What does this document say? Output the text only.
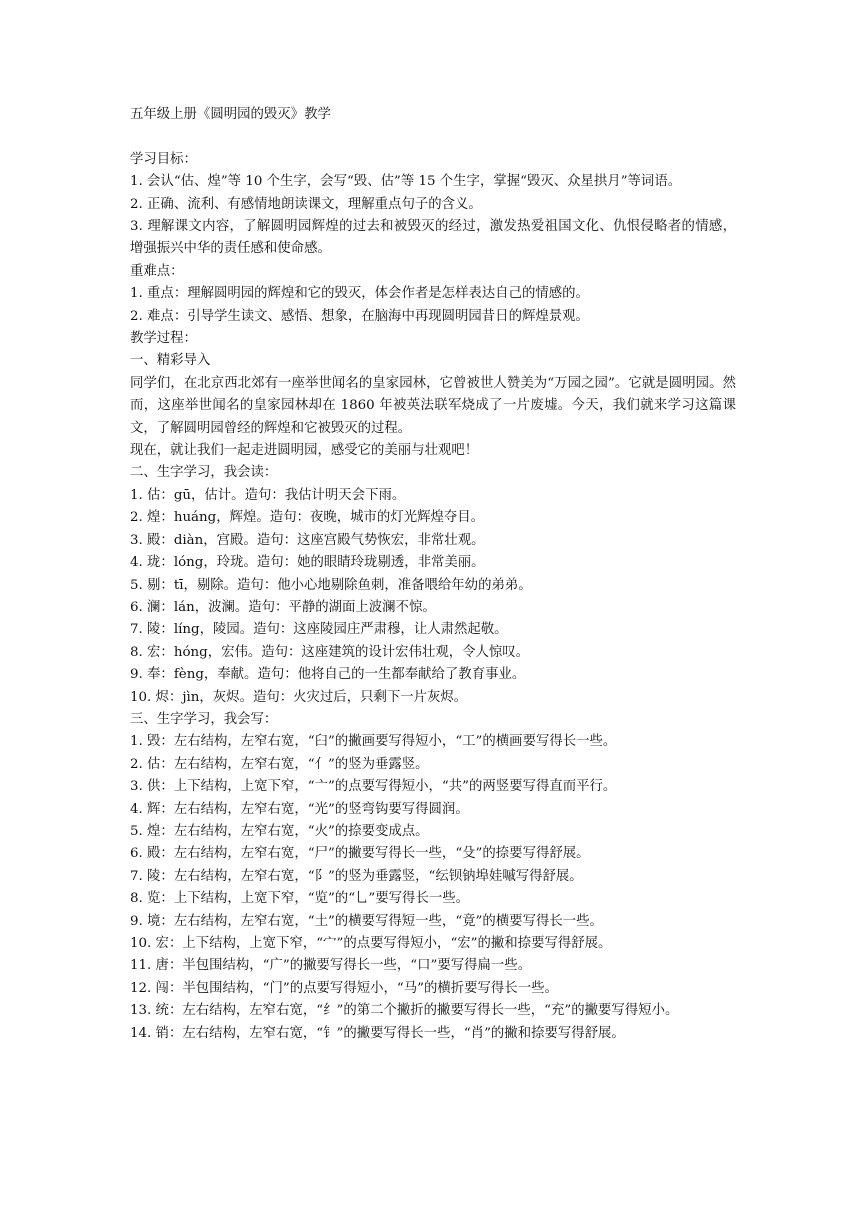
五年级上册《圆明园的毁灭》教学

学习目标：

1. 会认“估、煌”等 10 个生字，会写“毁、估”等 15 个生字，掌握“毁灭、众星拱月”等词语。

2. 正确、流利、有感情地朗读课文，理解重点句子的含义。

3. 理解课文内容，了解圆明园辉煌的过去和被毁灭的经过，激发热爱祖国文化、仇恨侵略者的情感，增强振兴中华的责任感和使命感。

重难点：

1. 重点：理解圆明园的辉煌和它的毁灭，体会作者是怎样表达自己的情感的。

2. 难点：引导学生读文、感悟、想象，在脑海中再现圆明园昔日的辉煌景观。

教学过程：

一、精彩导入

同学们，在北京西北郊有一座举世闻名的皇家园林，它曾被世人赞美为“万园之园”。它就是圆明园。然而，这座举世闻名的皇家园林却在 1860 年被英法联军烧成了一片废墟。今天，我们就来学习这篇课文，了解圆明园曾经的辉煌和它被毁灭的过程。

现在，就让我们一起走进圆明园，感受它的美丽与壮观吧！

二、生字学习，我会读：

1. 估：gū，估计。造句：我估计明天会下雨。

2. 煌：huáng，辉煌。造句：夜晚，城市的灯光辉煌夺目。

3. 殿：diàn，宫殿。造句：这座宫殿气势恢宏，非常壮观。

4. 珑：lóng，玲珑。造句：她的眼睛玲珑剔透，非常美丽。

5. 剔：tī，剔除。造句：他小心地剔除鱼刺，准备喂给年幼的弟弟。

6. 澜：lán，波澜。造句：平静的湖面上波澜不惊。

7. 陵：líng，陵园。造句：这座陵园庄严肃穆，让人肃然起敬。

8. 宏：hóng，宏伟。造句：这座建筑的设计宏伟壮观，令人惊叹。

9. 奉：fèng，奉献。造句：他将自己的一生都奉献给了教育事业。

10. 烬：jìn，灰烬。造句：火灾过后，只剩下一片灰烬。

三、生字学习，我会写：

1. 毁：左右结构，左窄右宽，“臼”的撇画要写得短小，“工”的横画要写得长一些。

2. 估：左右结构，左窄右宽，“亻”的竖为垂露竖。

3. 供：上下结构，上宽下窄，“亠”的点要写得短小，“共”的两竖要写得直而平行。

4. 辉：左右结构，左窄右宽，“光”的竖弯钩要写得圆润。

5. 煌：左右结构，左窄右宽，“火”的捺要变成点。

6. 殿：左右结构，左窄右宽，“尸”的撇要写得长一些，“殳”的捺要写得舒展。

7. 陵：左右结构，左窄右宽，“阝”的竖为垂露竖，“纭钡钠埠娃嘁写得舒展。

8. 览：上下结构，上宽下窄，“览”的“乚”要写得长一些。

9. 境：左右结构，左窄右宽，“土”的横要写得短一些，“竟”的横要写得长一些。

10. 宏：上下结构，上宽下窄，“宀”的点要写得短小，“宏”的撇和捺要写得舒展。

11. 唐：半包围结构，“广”的撇要写得长一些，“口”要写得扁一些。

12. 闯：半包围结构，“门”的点要写得短小，“马”的横折要写得长一些。

13. 统：左右结构，左窄右宽，“纟”的第二个撇折的撇要写得长一些，“充”的撇要写得短小。

14. 销：左右结构，左窄右宽，“钅”的撇要写得长一些，“肖”的撇和捺要写得舒展。
